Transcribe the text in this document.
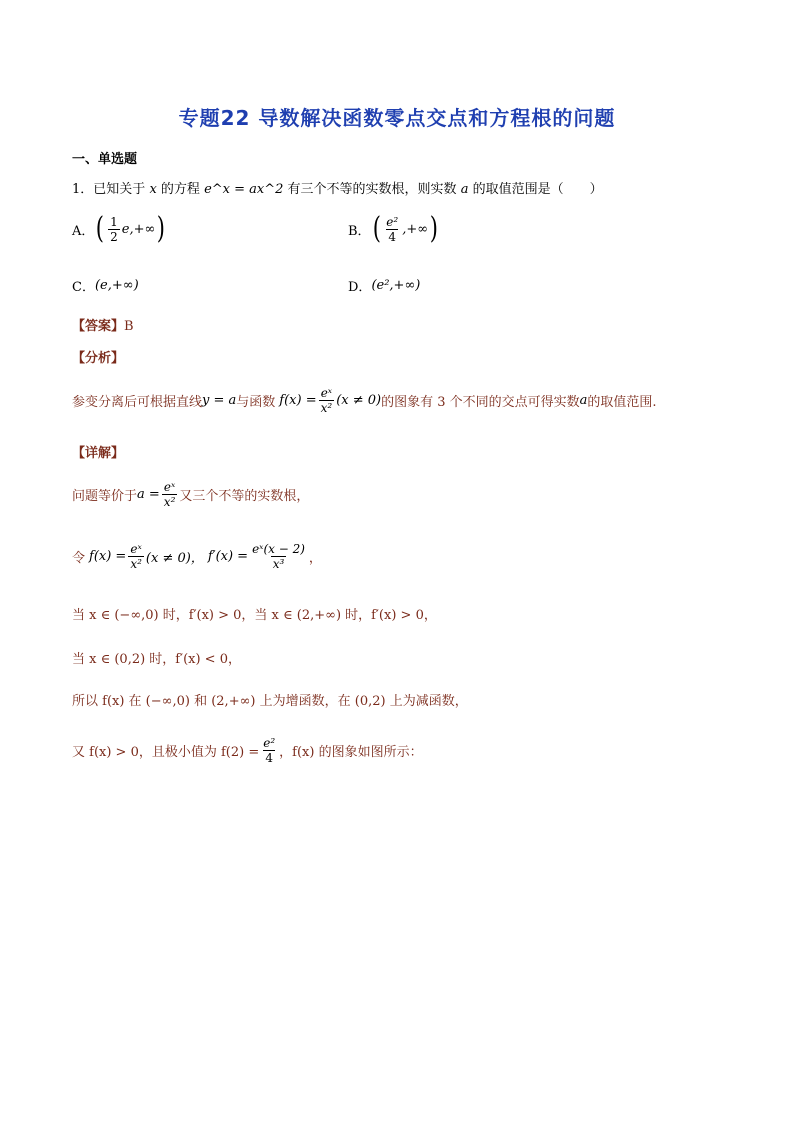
专题22 导数解决函数零点交点和方程根的问题
一、单选题
1．已知关于 x 的方程 e^x = ax^2 有三个不等的实数根，则实数 a 的取值范围是（　　）
A． ( $\frac{1}{2} e,+\infty$ )	B． ( $\frac{\text{e²}}{4}$ ,+∞ )
C． (e,+∞)	D． (e²,+∞)
【答案】B
【分析】
参变分离后可根据直线 y = a 与函数 $f(x) = \frac{\text{eˣ}}{\text{x²}} (x \ne 0)$ 的图象有 3 个不同的交点可得实数 a 的取值范围.
【详解】
问题等价于 $a = \frac{\text{eˣ}}{\text{x²}}$ 又三个不等的实数根，
令 $f(x) = \frac{\text{eˣ}}{\text{x²}} (x \ne 0)$， $f'(x) = \frac{\text{eˣ(x − 2)}}{\text{x³}}$ ，
当 x ∈ (−∞,0) 时，f′(x) > 0，当 x ∈ (2,+∞) 时，f′(x) > 0，
当 x ∈ (0,2) 时，f′(x) < 0，
所以 f(x) 在 (−∞,0) 和 (2,+∞) 上为增函数，在 (0,2) 上为减函数，
又 f(x) > 0，且极小值为 $f(2) = \frac{\text{e²}}{4}$ ，f(x) 的图象如图所示：
